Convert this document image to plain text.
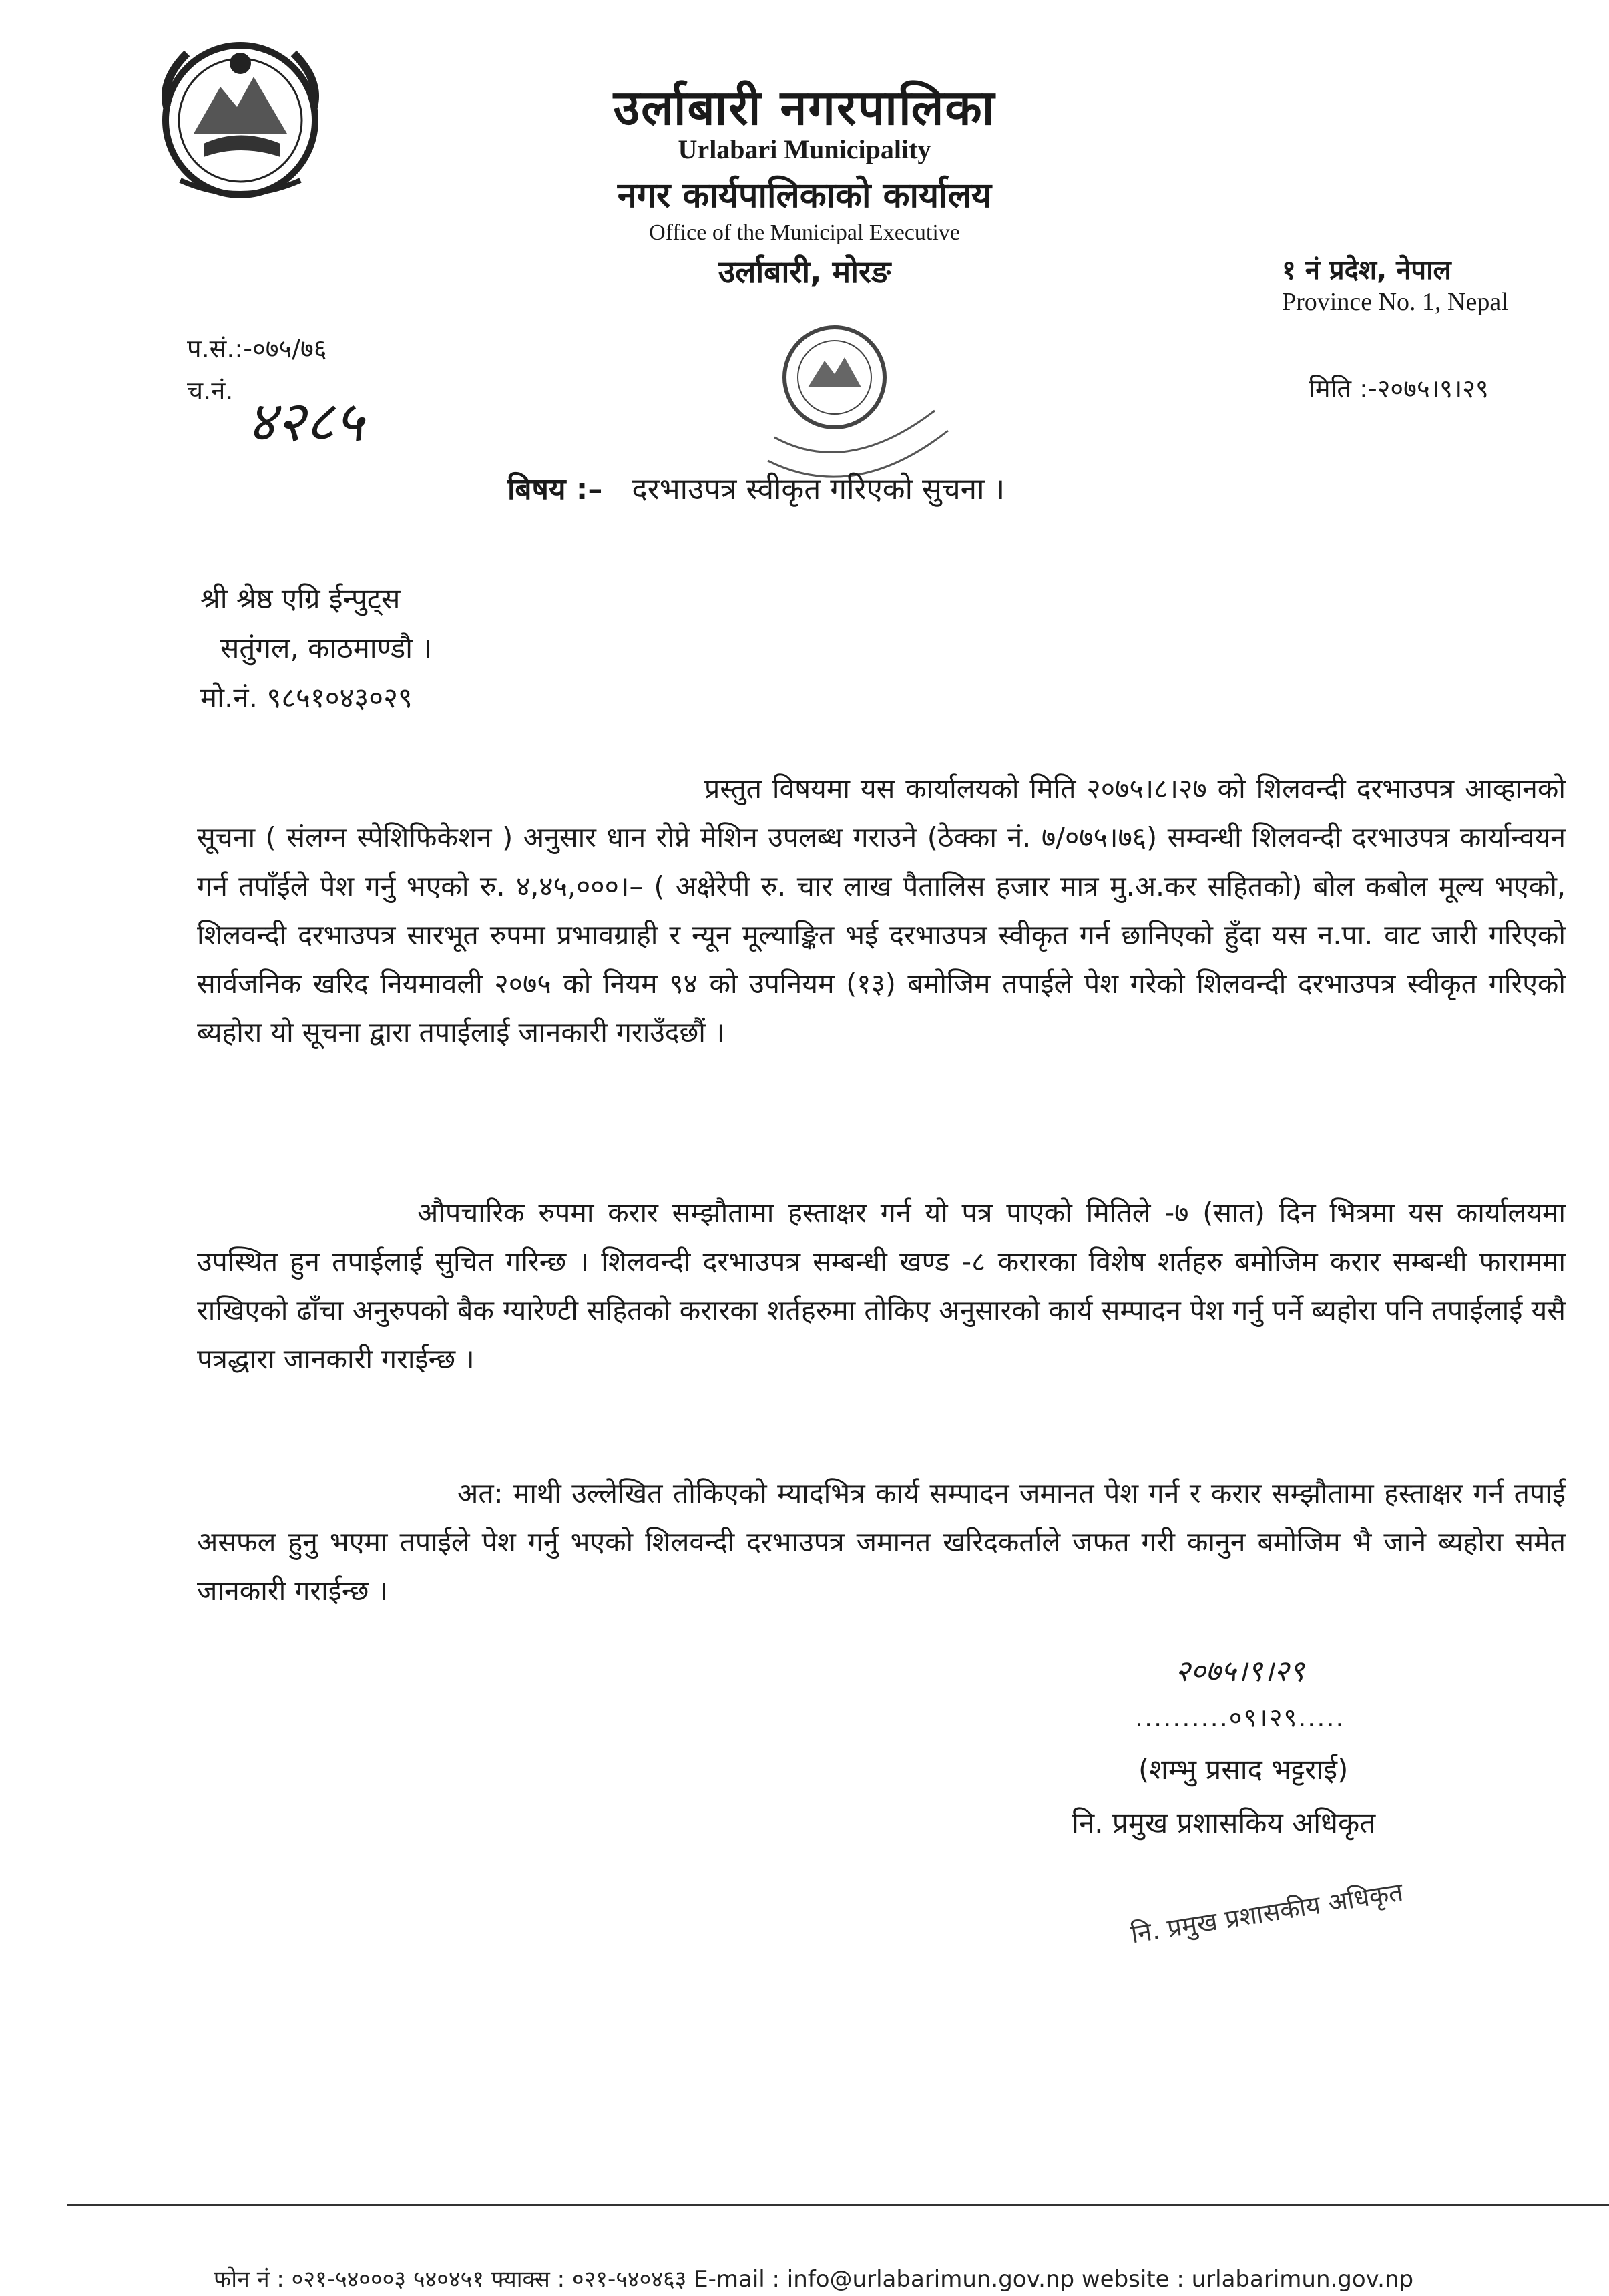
उर्लाबारी नगरपालिका
Urlabari Municipality
नगर कार्यपालिकाको कार्यालय
Office of the Municipal Executive
उर्लाबारी, मोरङ	१ नं प्रदेश, नेपाल
Province No. 1, Nepal
प.सं.:-०७५/७६
च.नं. ४२८५	मिति :-२०७५।९।२९
बिषय :– दरभाउपत्र स्वीकृत गरिएको सुचना ।
श्री श्रेष्ठ एग्रि ईन्पुट्स
सतुंगल, काठमाण्डौ ।
मो.नं. ९८५१०४३०२९
प्रस्तुत विषयमा यस कार्यालयको मिति २०७५।८।२७ को शिलवन्दी दरभाउपत्र आव्हानको सूचना ( संलग्न स्पेशिफिकेशन ) अनुसार धान रोप्ने मेशिन उपलब्ध गराउने (ठेक्का नं. ७/०७५।७६) सम्वन्धी शिलवन्दी दरभाउपत्र कार्यान्वयन गर्न तपाँईले पेश गर्नु भएको रु. ४,४५,०००।– ( अक्षेरेपी रु. चार लाख पैतालिस हजार मात्र मु.अ.कर सहितको) बोल कबोल मूल्य भएको, शिलवन्दी दरभाउपत्र सारभूत रुपमा प्रभावग्राही र न्यून मूल्याङ्कित भई दरभाउपत्र स्वीकृत गर्न छानिएको हुँदा यस न.पा. वाट जारी गरिएको सार्वजनिक खरिद नियमावली २०७५ को नियम ९४ को उपनियम (१३) बमोजिम तपाईले पेश गरेको शिलवन्दी दरभाउपत्र स्वीकृत गरिएको ब्यहोरा यो सूचना द्वारा तपाईलाई जानकारी गराउँदछौं ।
औपचारिक रुपमा करार सम्झौतामा हस्ताक्षर गर्न यो पत्र पाएको मितिले -७ (सात) दिन भित्रमा यस कार्यालयमा उपस्थित हुन तपाईलाई सुचित गरिन्छ । शिलवन्दी दरभाउपत्र सम्बन्धी खण्ड -८ करारका विशेष शर्तहरु बमोजिम करार सम्बन्धी फाराममा राखिएको ढाँचा अनुरुपको बैक ग्यारेण्टी सहितको करारका शर्तहरुमा तोकिए अनुसारको कार्य सम्पादन पेश गर्नु पर्ने ब्यहोरा पनि तपाईलाई यसै पत्रद्धारा जानकारी गराईन्छ ।
अत: माथी उल्लेखित तोकिएको म्यादभित्र कार्य सम्पादन जमानत पेश गर्न र करार सम्झौतामा हस्ताक्षर गर्न तपाई असफल हुनु भएमा तपाईले पेश गर्नु भएको शिलवन्दी दरभाउपत्र जमानत खरिदकर्ताले जफत गरी कानुन बमोजिम भै जाने ब्यहोरा समेत जानकारी गराईन्छ ।
२०७५।९।२९
..........०९।२९.....
(शम्भु प्रसाद भट्टराई)
नि. प्रमुख प्रशासकिय अधिकृत
नि. प्रमुख प्रशासकीय अधिकृत
फोन नं : ०२१-५४०००३ ५४०४५१ फ्याक्स : ०२१-५४०४६३ E-mail : info@urlabarimun.gov.np website : urlabarimun.gov.np
